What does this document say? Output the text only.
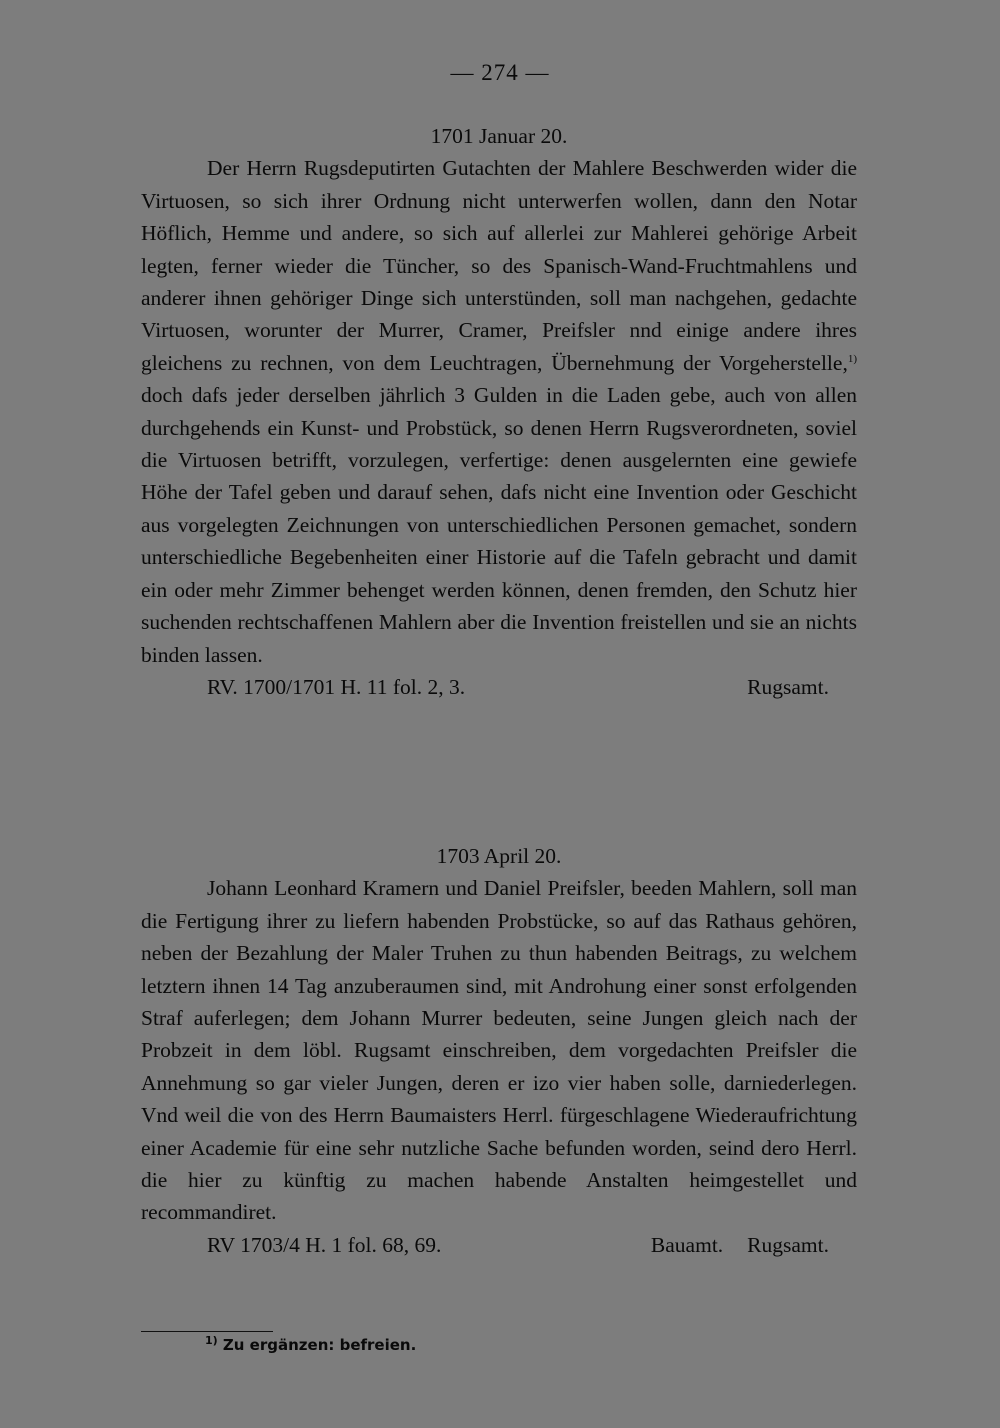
— 274 —
1701 Januar 20.
Der Herrn Rugsdeputirten Gutachten der Mahlere Beschwerden wider die Virtuosen, so sich ihrer Ordnung nicht unterwerfen wollen, dann den Notar Höflich, Hemme und andere, so sich auf allerlei zur Mahlerei gehörige Arbeit legten, ferner wieder die Tüncher, so des Spanisch-Wand-Fruchtmahlens und anderer ihnen gehöriger Dinge sich unterstünden, soll man nachgehen, gedachte Virtuosen, worunter der Murrer, Cramer, Preifsler nnd einige andere ihres gleichens zu rechnen, von dem Leuchtragen, Übernehmung der Vorgeherstelle,$^{1)}$ doch dafs jeder derselben jährlich 3 Gulden in die Laden gebe, auch von allen durchgehends ein Kunst- und Probstück, so denen Herrn Rugsverordneten, soviel die Virtuosen betrifft, vorzulegen, verfertige: denen ausgelernten eine gewiefe Höhe der Tafel geben und darauf sehen, dafs nicht eine Invention oder Geschicht aus vorgelegten Zeichnungen von unterschiedlichen Personen gemachet, sondern unterschiedliche Begebenheiten einer Historie auf die Tafeln gebracht und damit ein oder mehr Zimmer behenget werden können, denen fremden, den Schutz hier suchenden rechtschaffenen Mahlern aber die Invention freistellen und sie an nichts binden lassen.
RV. 1700/1701 H. 11 fol. 2, 3.	Rugsamt.
1703 April 20.
Johann Leonhard Kramern und Daniel Preifsler, beeden Mahlern, soll man die Fertigung ihrer zu liefern habenden Probstücke, so auf das Rathaus gehören, neben der Bezahlung der Maler Truhen zu thun habenden Beitrags, zu welchem letztern ihnen 14 Tag anzuberaumen sind, mit Androhung einer sonst erfolgenden Straf auferlegen; dem Johann Murrer bedeuten, seine Jungen gleich nach der Probzeit in dem löbl. Rugsamt einschreiben, dem vorgedachten Preifsler die Annehmung so gar vieler Jungen, deren er izo vier haben solle, darniederlegen. Vnd weil die von des Herrn Baumaisters Herrl. fürgeschlagene Wiederaufrichtung einer Academie für eine sehr nutzliche Sache befunden worden, seind dero Herrl. die hier zu künftig zu machen habende Anstalten heimgestellet und recommandiret.
RV 1703/4 H. 1 fol. 68, 69.	Bauamt. Rugsamt.
$^{1)}$ Zu ergänzen: befreien.
